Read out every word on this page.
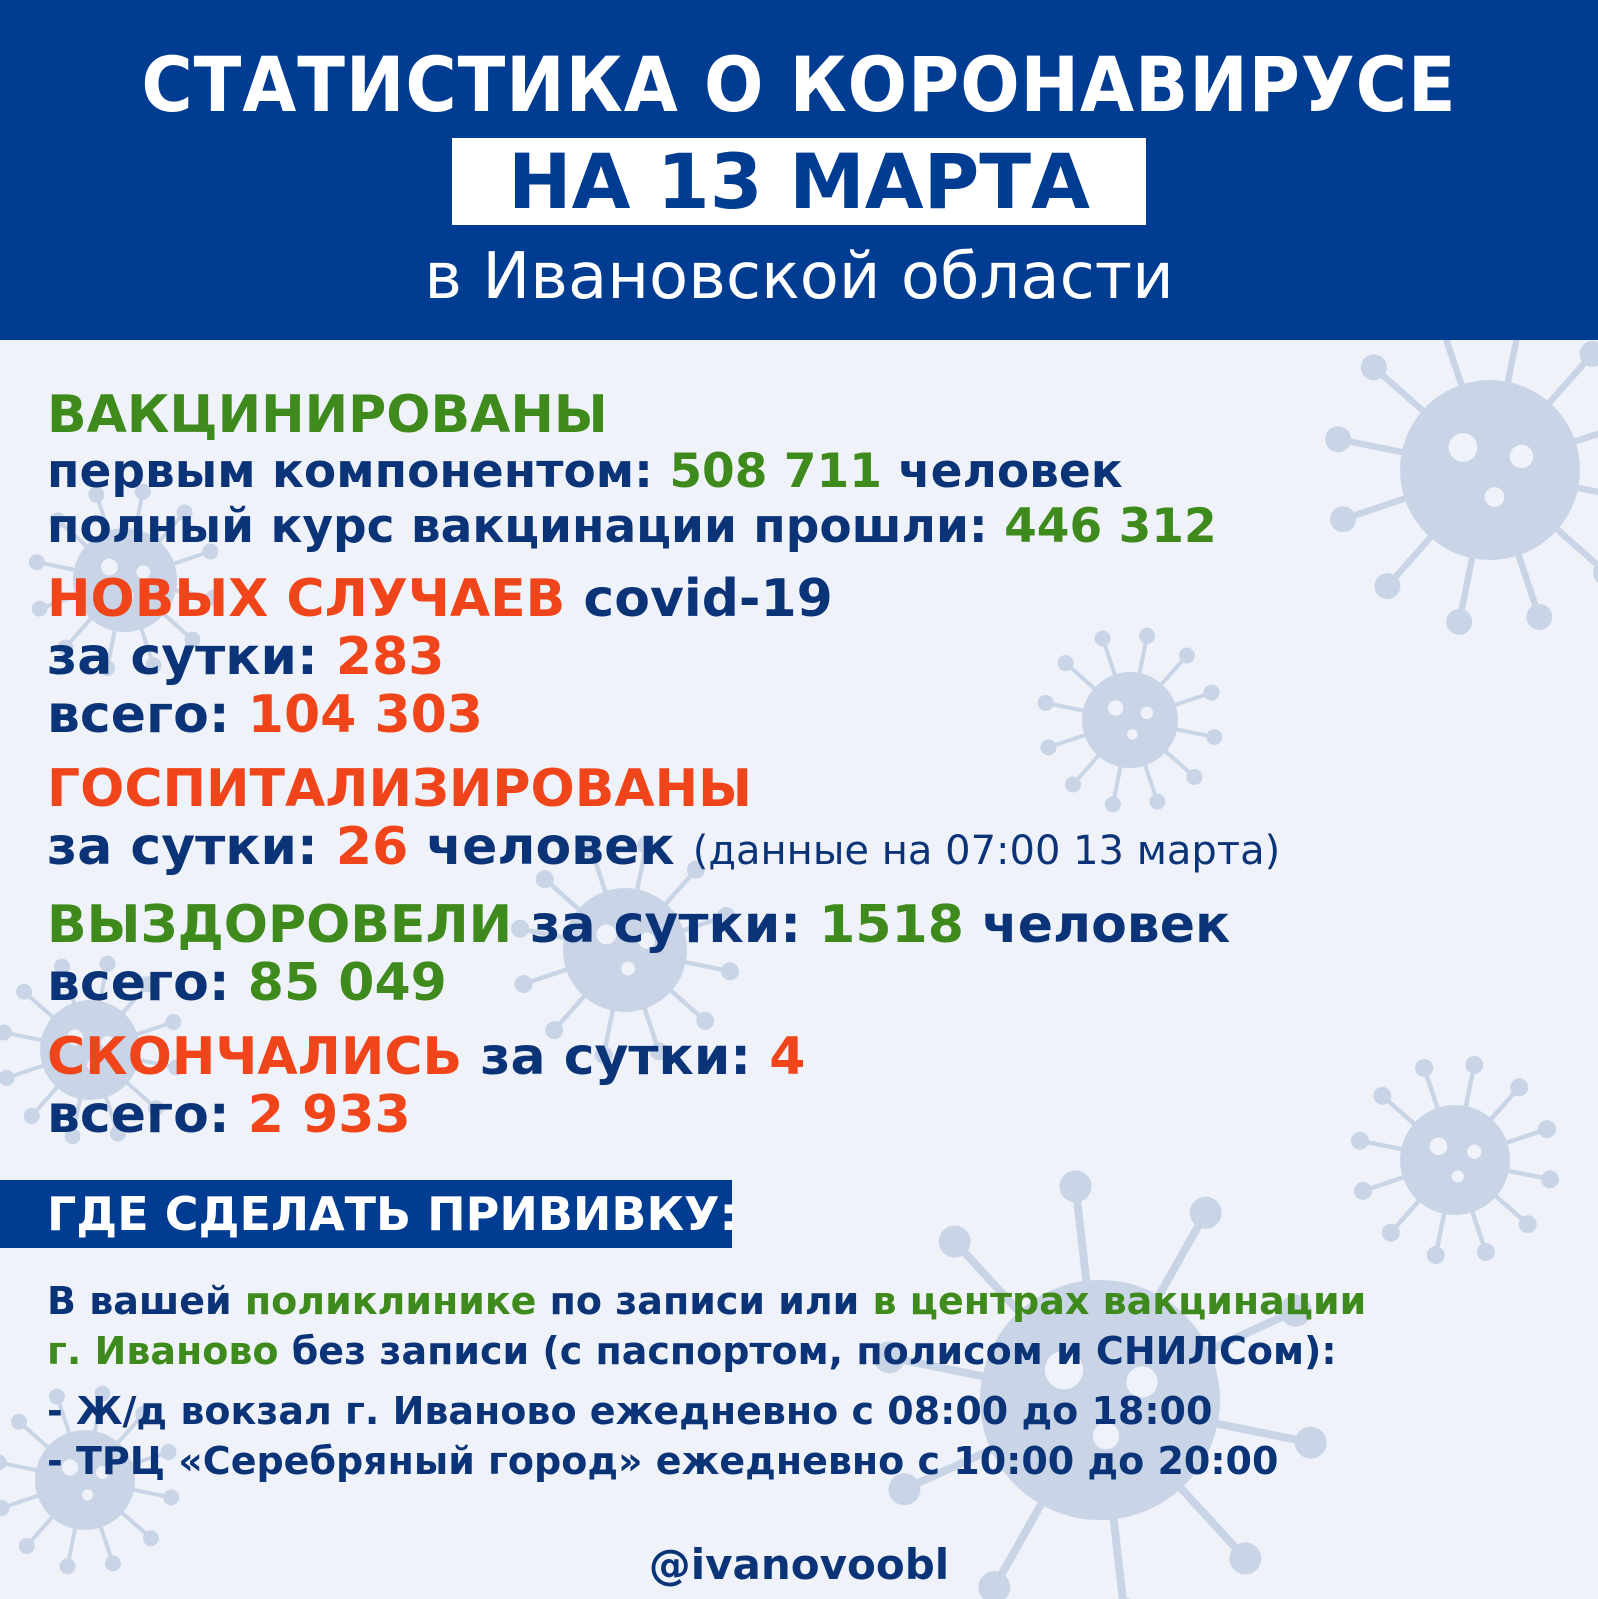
СТАТИСТИКА О КОРОНАВИРУСЕ
НА 13 МАРТА
в Ивановской области
ВАКЦИНИРОВАНЫ
первым компонентом: 508 711 человек
полный курс вакцинации прошли: 446 312
НОВЫХ СЛУЧАЕВ covid-19
за сутки: 283
всего: 104 303
ГОСПИТАЛИЗИРОВАНЫ
за сутки: 26 человек (данные на 07:00 13 марта)
ВЫЗДОРОВЕЛИ за сутки: 1518 человек
всего: 85 049
СКОНЧАЛИСЬ за сутки: 4
всего: 2 933
ГДЕ СДЕЛАТЬ ПРИВИВКУ:
В вашей поликлинике по записи или в центрах вакцинации
г. Иваново без записи (с паспортом, полисом и СНИЛСом):
- Ж/д вокзал г. Иваново ежедневно с 08:00 до 18:00
- ТРЦ «Серебряный город» ежедневно с 10:00 до 20:00
@ivanovoobl
